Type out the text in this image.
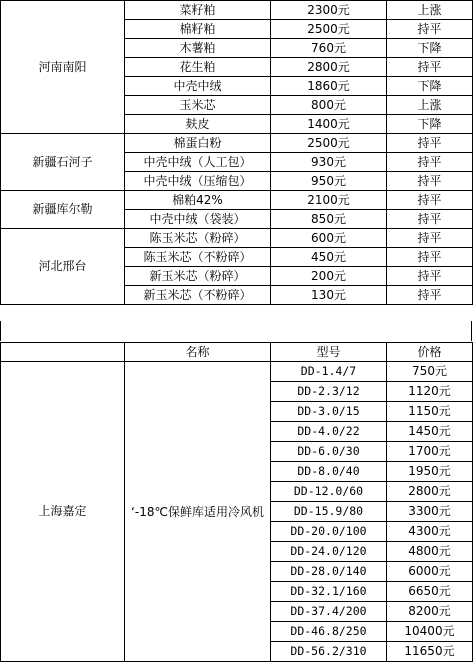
河南南阳	菜籽粕	2300元	上涨
	棉籽粕	2500元	持平
	木薯粕	760元	下降
	花生粕	2800元	持平
	中壳中绒	1860元	下降
	玉米芯	800元	上涨
	麸皮	1400元	下降
新疆石河子	棉蛋白粉	2500元	持平
	中壳中绒（人工包）	930元	持平
	中壳中绒（压缩包）	950元	持平
新疆库尔勒	棉粕42%	2100元	持平
	中壳中绒（袋装）	850元	持平
河北邢台	陈玉米芯（粉碎）	600元	持平
	陈玉米芯（不粉碎）	450元	持平
	新玉米芯（粉碎）	200元	持平
	新玉米芯（不粉碎）	130元	持平
	名称	型号	价格
上海嘉定	‘-18℃保鲜库适用冷风机	DD-1.4/7	750元
		DD-2.3/12	1120元
		DD-3.0/15	1150元
		DD-4.0/22	1450元
		DD-6.0/30	1700元
		DD-8.0/40	1950元
		DD-12.0/60	2800元
		DD-15.9/80	3300元
		DD-20.0/100	4300元
		DD-24.0/120	4800元
		DD-28.0/140	6000元
		DD-32.1/160	6650元
		DD-37.4/200	8200元
		DD-46.8/250	10400元
		DD-56.2/310	11650元
